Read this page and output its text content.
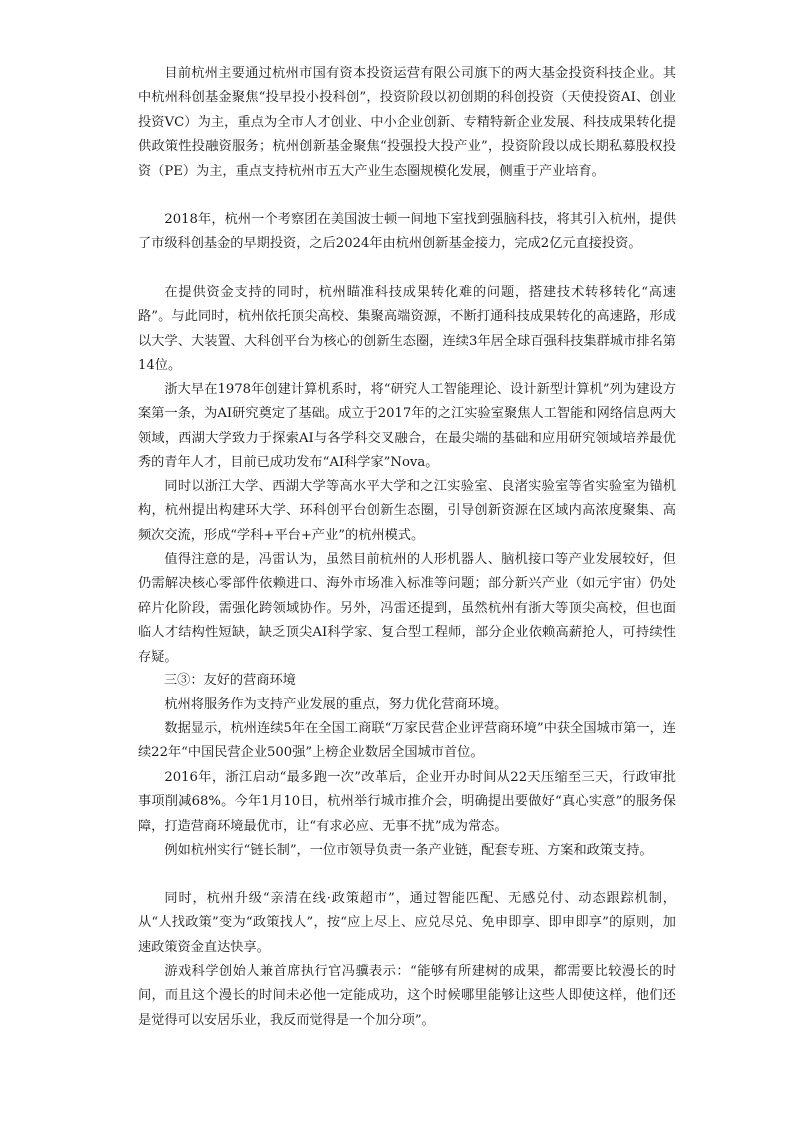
目前杭州主要通过杭州市国有资本投资运营有限公司旗下的两大基金投资科技企业。其中杭州科创基金聚焦“投早投小投科创”，投资阶段以初创期的科创投资（天使投资AI、创业投资VC）为主，重点为全市人才创业、中小企业创新、专精特新企业发展、科技成果转化提供政策性投融资服务；杭州创新基金聚焦“投强投大投产业”，投资阶段以成长期私募股权投资（PE）为主，重点支持杭州市五大产业生态圈规模化发展，侧重于产业培育。

2018年，杭州一个考察团在美国波士顿一间地下室找到强脑科技，将其引入杭州，提供了市级科创基金的早期投资，之后2024年由杭州创新基金接力，完成2亿元直接投资。

在提供资金支持的同时，杭州瞄准科技成果转化难的问题，搭建技术转移转化“高速路”。与此同时，杭州依托顶尖高校、集聚高端资源，不断打通科技成果转化的高速路，形成以大学、大装置、大科创平台为核心的创新生态圈，连续3年居全球百强科技集群城市排名第14位。

浙大早在1978年创建计算机系时，将“研究人工智能理论、设计新型计算机”列为建设方案第一条，为AI研究奠定了基础。成立于2017年的之江实验室聚焦人工智能和网络信息两大领域，西湖大学致力于探索AI与各学科交叉融合，在最尖端的基础和应用研究领域培养最优秀的青年人才，目前已成功发布“AI科学家”Nova。

同时以浙江大学、西湖大学等高水平大学和之江实验室、良渚实验室等省实验室为锚机构，杭州提出构建环大学、环科创平台创新生态圈，引导创新资源在区域内高浓度聚集、高频次交流，形成“学科+平台+产业”的杭州模式。

值得注意的是，冯雷认为，虽然目前杭州的人形机器人、脑机接口等产业发展较好，但仍需解决核心零部件依赖进口、海外市场准入标准等问题；部分新兴产业（如元宇宙）仍处碎片化阶段，需强化跨领域协作。另外，冯雷还提到，虽然杭州有浙大等顶尖高校，但也面临人才结构性短缺，缺乏顶尖AI科学家、复合型工程师，部分企业依赖高薪抢人，可持续性存疑。

三③：友好的营商环境

杭州将服务作为支持产业发展的重点，努力优化营商环境。

数据显示，杭州连续5年在全国工商联“万家民营企业评营商环境”中获全国城市第一，连续22年“中国民营企业500强”上榜企业数居全国城市首位。

2016年，浙江启动“最多跑一次”改革后，企业开办时间从22天压缩至三天，行政审批事项削减68%。今年1月10日，杭州举行城市推介会，明确提出要做好“真心实意”的服务保障，打造营商环境最优市，让“有求必应、无事不扰”成为常态。

例如杭州实行“链长制”，一位市领导负责一条产业链，配套专班、方案和政策支持。

同时，杭州升级“亲清在线·政策超市”，通过智能匹配、无感兑付、动态跟踪机制，从“人找政策”变为“政策找人”，按“应上尽上、应兑尽兑、免申即享、即申即享”的原则，加速政策资金直达快享。

游戏科学创始人兼首席执行官冯骥表示：“能够有所建树的成果，都需要比较漫长的时间，而且这个漫长的时间未必他一定能成功，这个时候哪里能够让这些人即使这样，他们还是觉得可以安居乐业，我反而觉得是一个加分项”。
